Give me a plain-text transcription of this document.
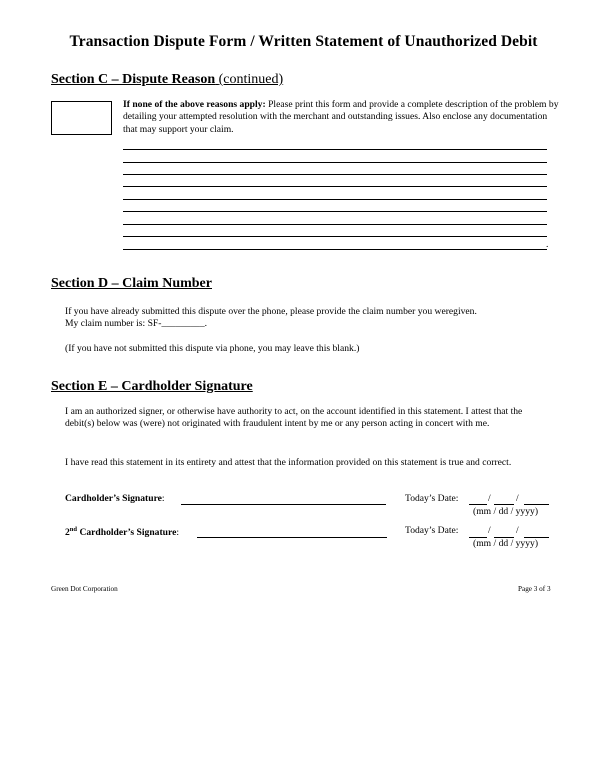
Transaction Dispute Form / Written Statement of Unauthorized Debit
Section C – Dispute Reason (continued)
If none of the above reasons apply: Please print this form and provide a complete description of the problem by detailing your attempted resolution with the merchant and outstanding issues. Also enclose any documentation that may support your claim.
.
Section D – Claim Number
If you have already submitted this dispute over the phone, please provide the claim number you weregiven.
My claim number is: SF-_________.
(If you have not submitted this dispute via phone, you may leave this blank.)
Section E – Cardholder Signature
I am an authorized signer, or otherwise have authority to act, on the account identified in this statement. I attest that the debit(s) below was (were) not originated with fraudulent intent by me or any person acting in concert with me.
I have read this statement in its entirety and attest that the information provided on this statement is true and correct.
Cardholder’s Signature:	Today’s Date:	/	/
(mm / dd / yyyy)
2nd Cardholder’s Signature:	Today’s Date:	/	/
(mm / dd / yyyy)
Green Dot Corporation	Page 3 of 3
